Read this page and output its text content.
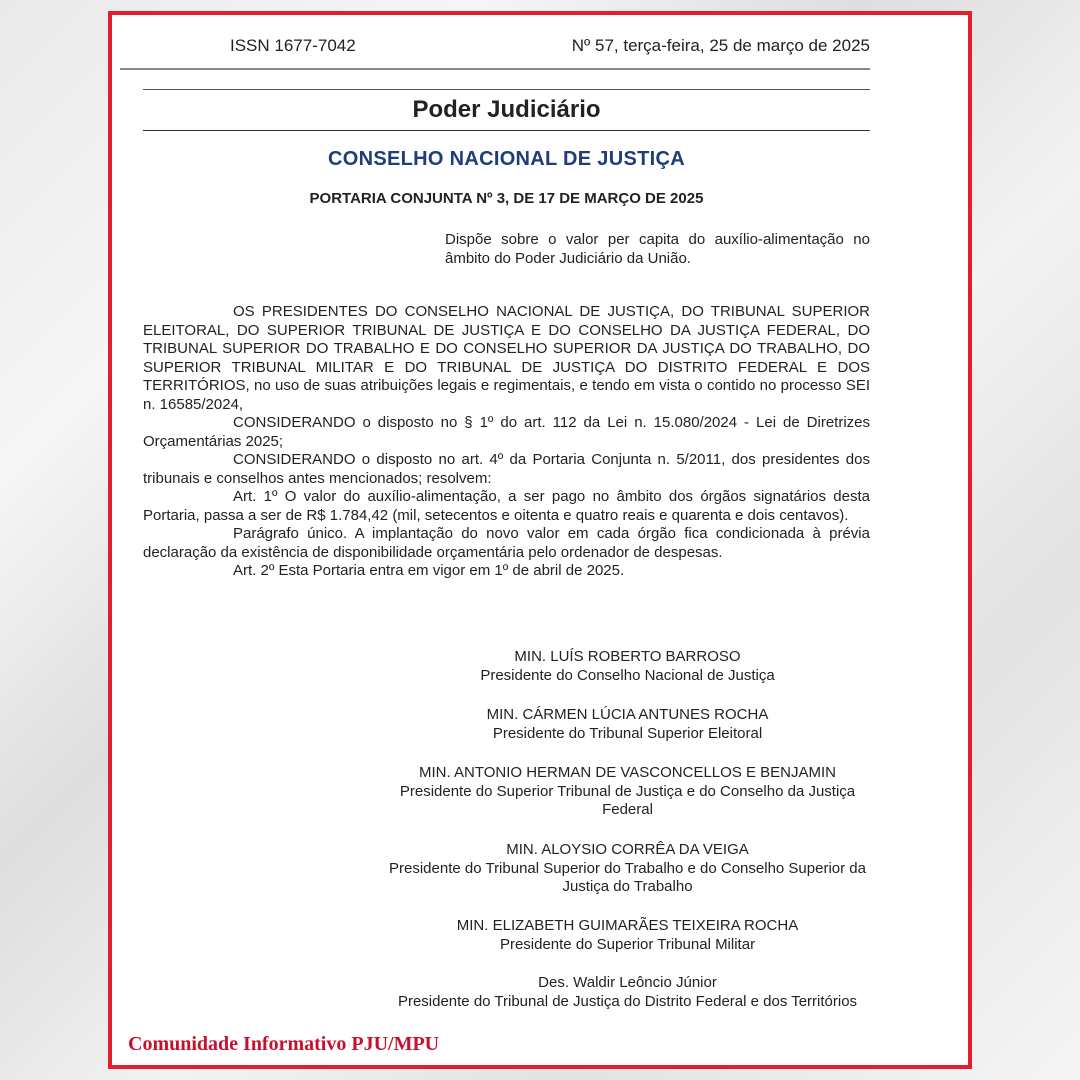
ISSN 1677-7042	Nº 57, terça-feira, 25 de março de 2025
Poder Judiciário
CONSELHO NACIONAL DE JUSTIÇA
PORTARIA CONJUNTA Nº 3, DE 17 DE MARÇO DE 2025
Dispõe sobre o valor per capita do auxílio-alimentação no âmbito do Poder Judiciário da União.

OS PRESIDENTES DO CONSELHO NACIONAL DE JUSTIÇA, DO TRIBUNAL SUPERIOR ELEITORAL, DO SUPERIOR TRIBUNAL DE JUSTIÇA E DO CONSELHO DA JUSTIÇA FEDERAL, DO TRIBUNAL SUPERIOR DO TRABALHO E DO CONSELHO SUPERIOR DA JUSTIÇA DO TRABALHO, DO SUPERIOR TRIBUNAL MILITAR E DO TRIBUNAL DE JUSTIÇA DO DISTRITO FEDERAL E DOS TERRITÓRIOS, no uso de suas atribuições legais e regimentais, e tendo em vista o contido no processo SEI n. 16585/2024,

CONSIDERANDO o disposto no § 1º do art. 112 da Lei n. 15.080/2024 - Lei de Diretrizes Orçamentárias 2025;

CONSIDERANDO o disposto no art. 4º da Portaria Conjunta n. 5/2011, dos presidentes dos tribunais e conselhos antes mencionados; resolvem:

Art. 1º O valor do auxílio-alimentação, a ser pago no âmbito dos órgãos signatários desta Portaria, passa a ser de R$ 1.784,42 (mil, setecentos e oitenta e quatro reais e quarenta e dois centavos).

Parágrafo único. A implantação do novo valor em cada órgão fica condicionada à prévia declaração da existência de disponibilidade orçamentária pelo ordenador de despesas.

Art. 2º Esta Portaria entra em vigor em 1º de abril de 2025.

MIN. LUÍS ROBERTO BARROSO
Presidente do Conselho Nacional de Justiça
MIN. CÁRMEN LÚCIA ANTUNES ROCHA
Presidente do Tribunal Superior Eleitoral
MIN. ANTONIO HERMAN DE VASCONCELLOS E BENJAMIN
Presidente do Superior Tribunal de Justiça e do Conselho da Justiça Federal
MIN. ALOYSIO CORRÊA DA VEIGA
Presidente do Tribunal Superior do Trabalho e do Conselho Superior da Justiça do Trabalho
MIN. ELIZABETH GUIMARÃES TEIXEIRA ROCHA
Presidente do Superior Tribunal Militar
Des. Waldir Leôncio Júnior
Presidente do Tribunal de Justiça do Distrito Federal e dos Territórios
Comunidade Informativo PJU/MPU
